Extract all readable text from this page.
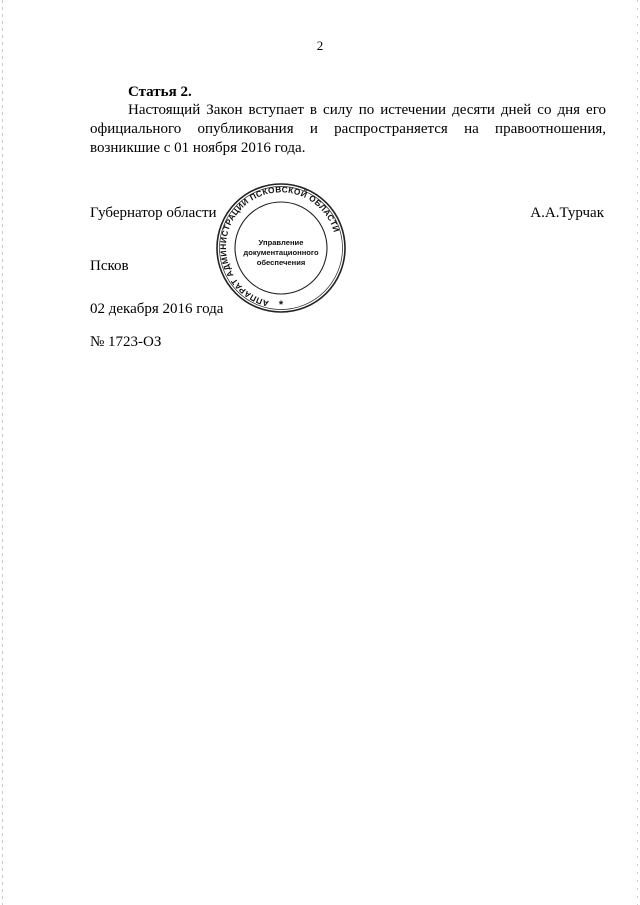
2
Статья 2.
Настоящий Закон вступает в силу по истечении десяти дней со дня его
официального опубликования и распространяется на правоотношения,
возникшие с 01 ноября 2016 года.
Губернатор области	А.А.Турчак
Псков
02 декабря 2016 года
№ 1723-ОЗ
АППАРАТ АДМИНИСТРАЦИИ ПСКОВСКОЙ ОБЛАСТИ
Управление
документационного
обеспечения
*
